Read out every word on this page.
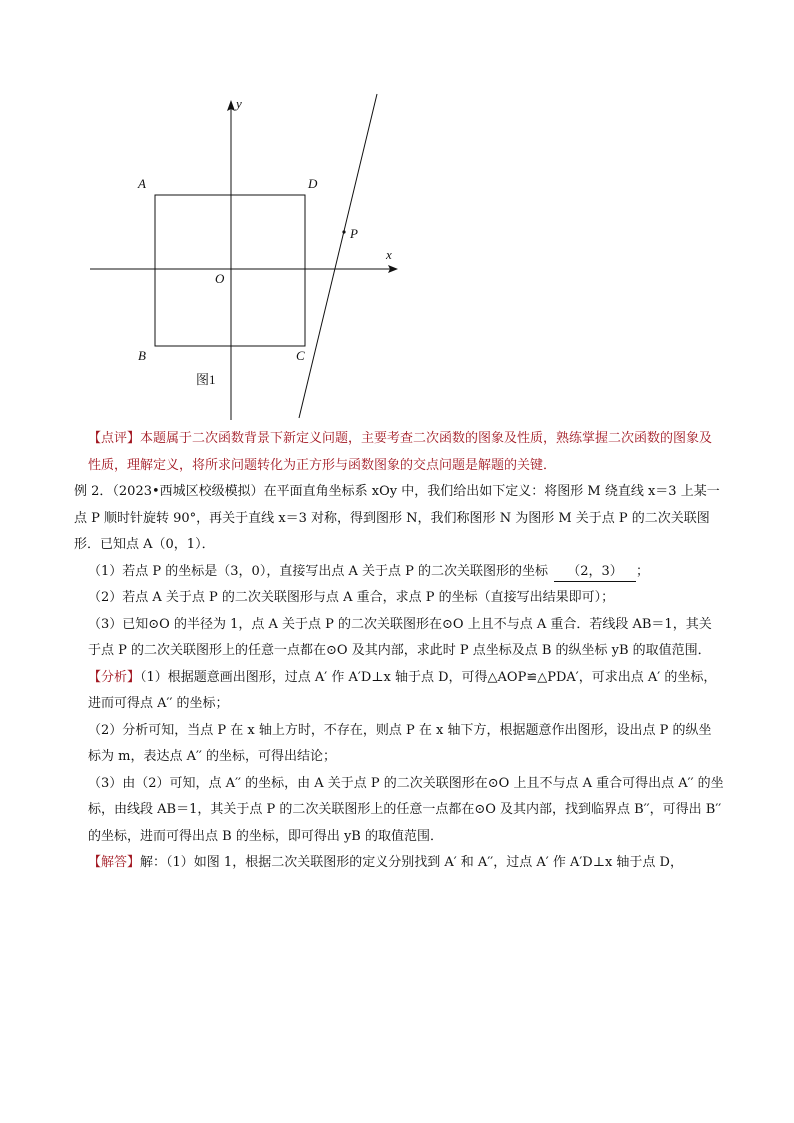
y
x
A	D
P
O
B	C
图1

【点评】本题属于二次函数背景下新定义问题，主要考查二次函数的图象及性质，熟练掌握二次函数的图象及性质，理解定义，将所求问题转化为正方形与函数图象的交点问题是解题的关键．

例 2．（2023•西城区校级模拟）在平面直角坐标系 xOy 中，我们给出如下定义：将图形 M 绕直线 x＝3 上某一点 P 顺时针旋转 90°，再关于直线 x＝3 对称，得到图形 N，我们称图形 N 为图形 M 关于点 P 的二次关联图形．已知点 A（0，1）．

（1）若点 P 的坐标是（3，0），直接写出点 A 关于点 P 的二次关联图形的坐标 （2，3） ；

（2）若点 A 关于点 P 的二次关联图形与点 A 重合，求点 P 的坐标（直接写出结果即可）；

（3）已知⊙O 的半径为 1，点 A 关于点 P 的二次关联图形在⊙O 上且不与点 A 重合．若线段 AB＝1，其关于点 P 的二次关联图形上的任意一点都在⊙O 及其内部，求此时 P 点坐标及点 B 的纵坐标 yB 的取值范围．

【分析】（1）根据题意画出图形，过点 A′ 作 A′D⊥x 轴于点 D，可得△AOP≌△PDA′，可求出点 A′ 的坐标，进而可得点 A′′ 的坐标；

（2）分析可知，当点 P 在 x 轴上方时，不存在，则点 P 在 x 轴下方，根据题意作出图形，设出点 P 的纵坐标为 m，表达点 A′′ 的坐标，可得出结论；

（3）由（2）可知，点 A′′ 的坐标，由 A 关于点 P 的二次关联图形在⊙O 上且不与点 A 重合可得出点 A′′ 的坐标，由线段 AB＝1，其关于点 P 的二次关联图形上的任意一点都在⊙O 及其内部，找到临界点 B′′，可得出 B′′ 的坐标，进而可得出点 B 的坐标，即可得出 yB 的取值范围．

【解答】解：（1）如图 1，根据二次关联图形的定义分别找到 A′ 和 A′′，过点 A′ 作 A′D⊥x 轴于点 D，
